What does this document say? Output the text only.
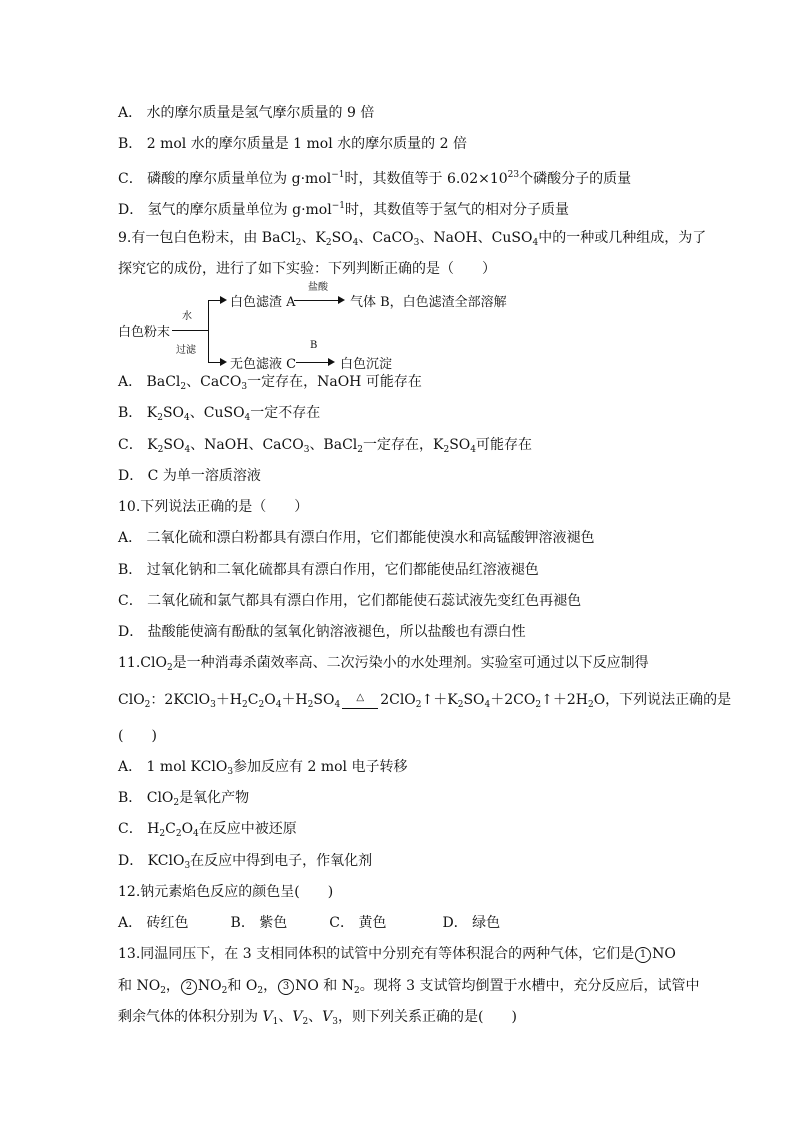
A． 水的摩尔质量是氢气摩尔质量的 9 倍
B． 2 mol 水的摩尔质量是 1 mol 水的摩尔质量的 2 倍
C． 磷酸的摩尔质量单位为 g·mol$^{-1}$时，其数值等于 $6.02\times 10^{23}$个磷酸分子的质量
D． 氢气的摩尔质量单位为 g·mol$^{-1}$时，其数值等于氢气的相对分子质量
9.有一包白色粉末，由 BaCl$_2$、$K_2SO_4$、CaCO$_3$、NaOH、CuSO$_4$中的一种或几种组成，为了
探究它的成份，进行了如下实验：下列判断正确的是（　　）
白色粉末
水
过滤
白色滤渣 A
盐酸
气体 B，白色滤渣全部溶解
无色滤液 C
B
白色沉淀
A． BaCl$_2$、CaCO$_3$一定存在，NaOH 可能存在
B． $K_2SO_4$、CuSO$_4$一定不存在
C． $K_2SO_4$、NaOH、CaCO$_3$、BaCl$_2$一定存在，$K_2SO_4$可能存在
D． C 为单一溶质溶液
10.下列说法正确的是（　　）
A． 二氧化硫和漂白粉都具有漂白作用，它们都能使溴水和高锰酸钾溶液褪色
B． 过氧化钠和二氧化硫都具有漂白作用，它们都能使品红溶液褪色
C． 二氧化硫和氯气都具有漂白作用，它们都能使石蕊试液先变红色再褪色
D． 盐酸能使滴有酚酞的氢氧化钠溶液褪色，所以盐酸也有漂白性
11.ClO$_2$是一种消毒杀菌效率高、二次污染小的水处理剂。实验室可通过以下反应制得
ClO$_2$：$2KClO_3+H_2C_2O_4+H_2SO_4^\triangle$ $2ClO_2↑+K_2SO_4+2CO_2↑+2H_2O$，下列说法正确的是
(　　)
A． 1 mol KClO$_3$参加反应有 2 mol 电子转移
B． ClO$_2$是氧化产物
C． $H_2C_2O_4$在反应中被还原
D． KClO$_3$在反应中得到电子，作氧化剂
12.钠元素焰色反应的颜色呈(　　)
A． 砖红色　　　B． 紫色　　　C． 黄色　　　　D． 绿色
13.同温同压下，在 3 支相同体积的试管中分别充有等体积混合的两种气体，它们是 1 NO
和 $NO_2$， 2 $NO_2$和 $O_2$， 3 NO 和 $N_2$。现将 3 支试管均倒置于水槽中，充分反应后，试管中
剩余气体的体积分别为 $V_1$、$V_2$、$V_3$，则下列关系正确的是(　　)
